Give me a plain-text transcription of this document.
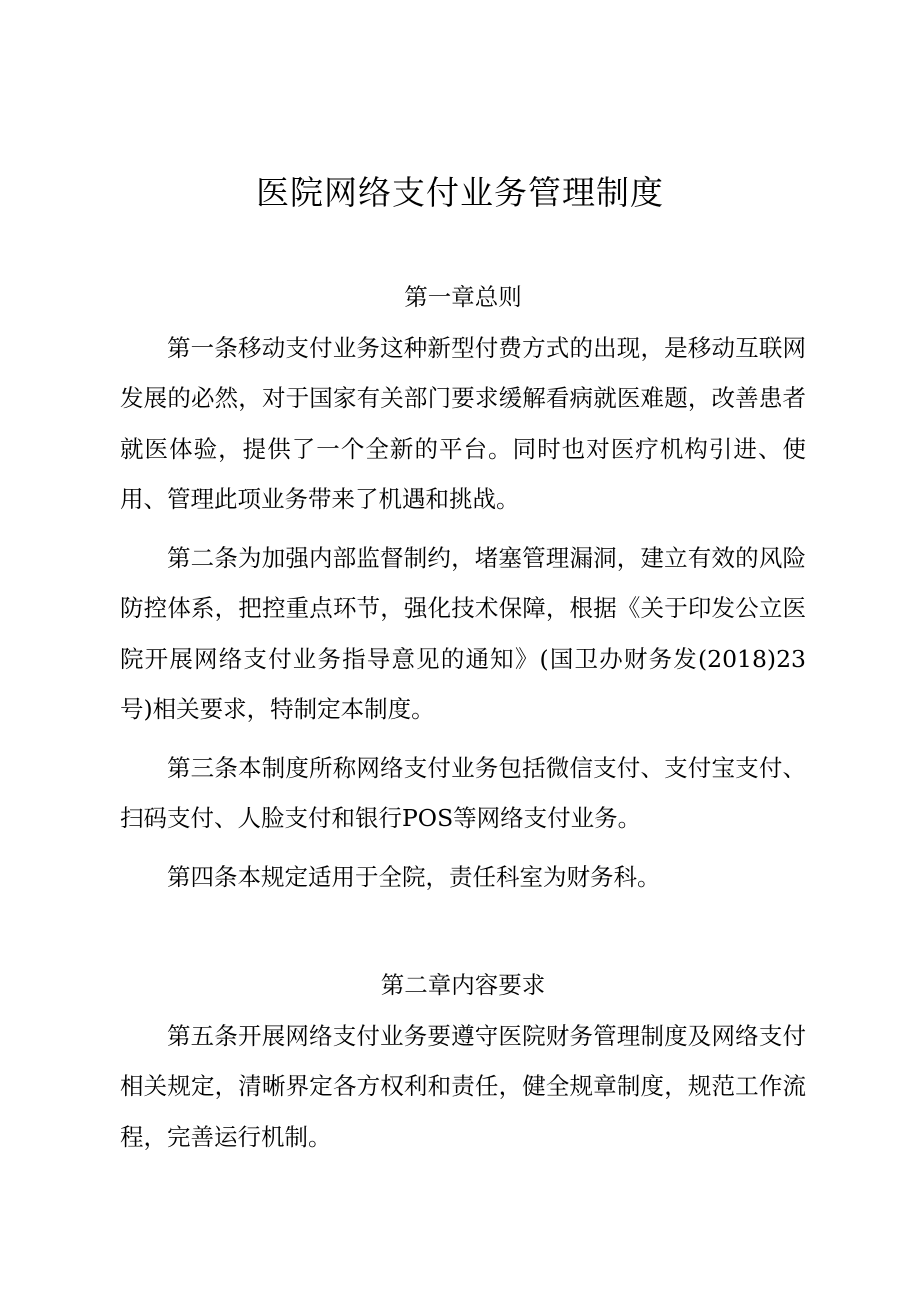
医院网络支付业务管理制度
第一章总则

第一条移动支付业务这种新型付费方式的出现，是移动互联网发展的必然，对于国家有关部门要求缓解看病就医难题，改善患者就医体验，提供了一个全新的平台。同时也对医疗机构引进、使用、管理此项业务带来了机遇和挑战。

第二条为加强内部监督制约，堵塞管理漏洞，建立有效的风险防控体系，把控重点环节，强化技术保障，根据《关于印发公立医院开展网络支付业务指导意见的通知》(国卫办财务发(2018)23号)相关要求，特制定本制度。

第三条本制度所称网络支付业务包括微信支付、支付宝支付、扫码支付、人脸支付和银行POS等网络支付业务。

第四条本规定适用于全院，责任科室为财务科。

第二章内容要求

第五条开展网络支付业务要遵守医院财务管理制度及网络支付相关规定，清晰界定各方权利和责任，健全规章制度，规范工作流程，完善运行机制。
